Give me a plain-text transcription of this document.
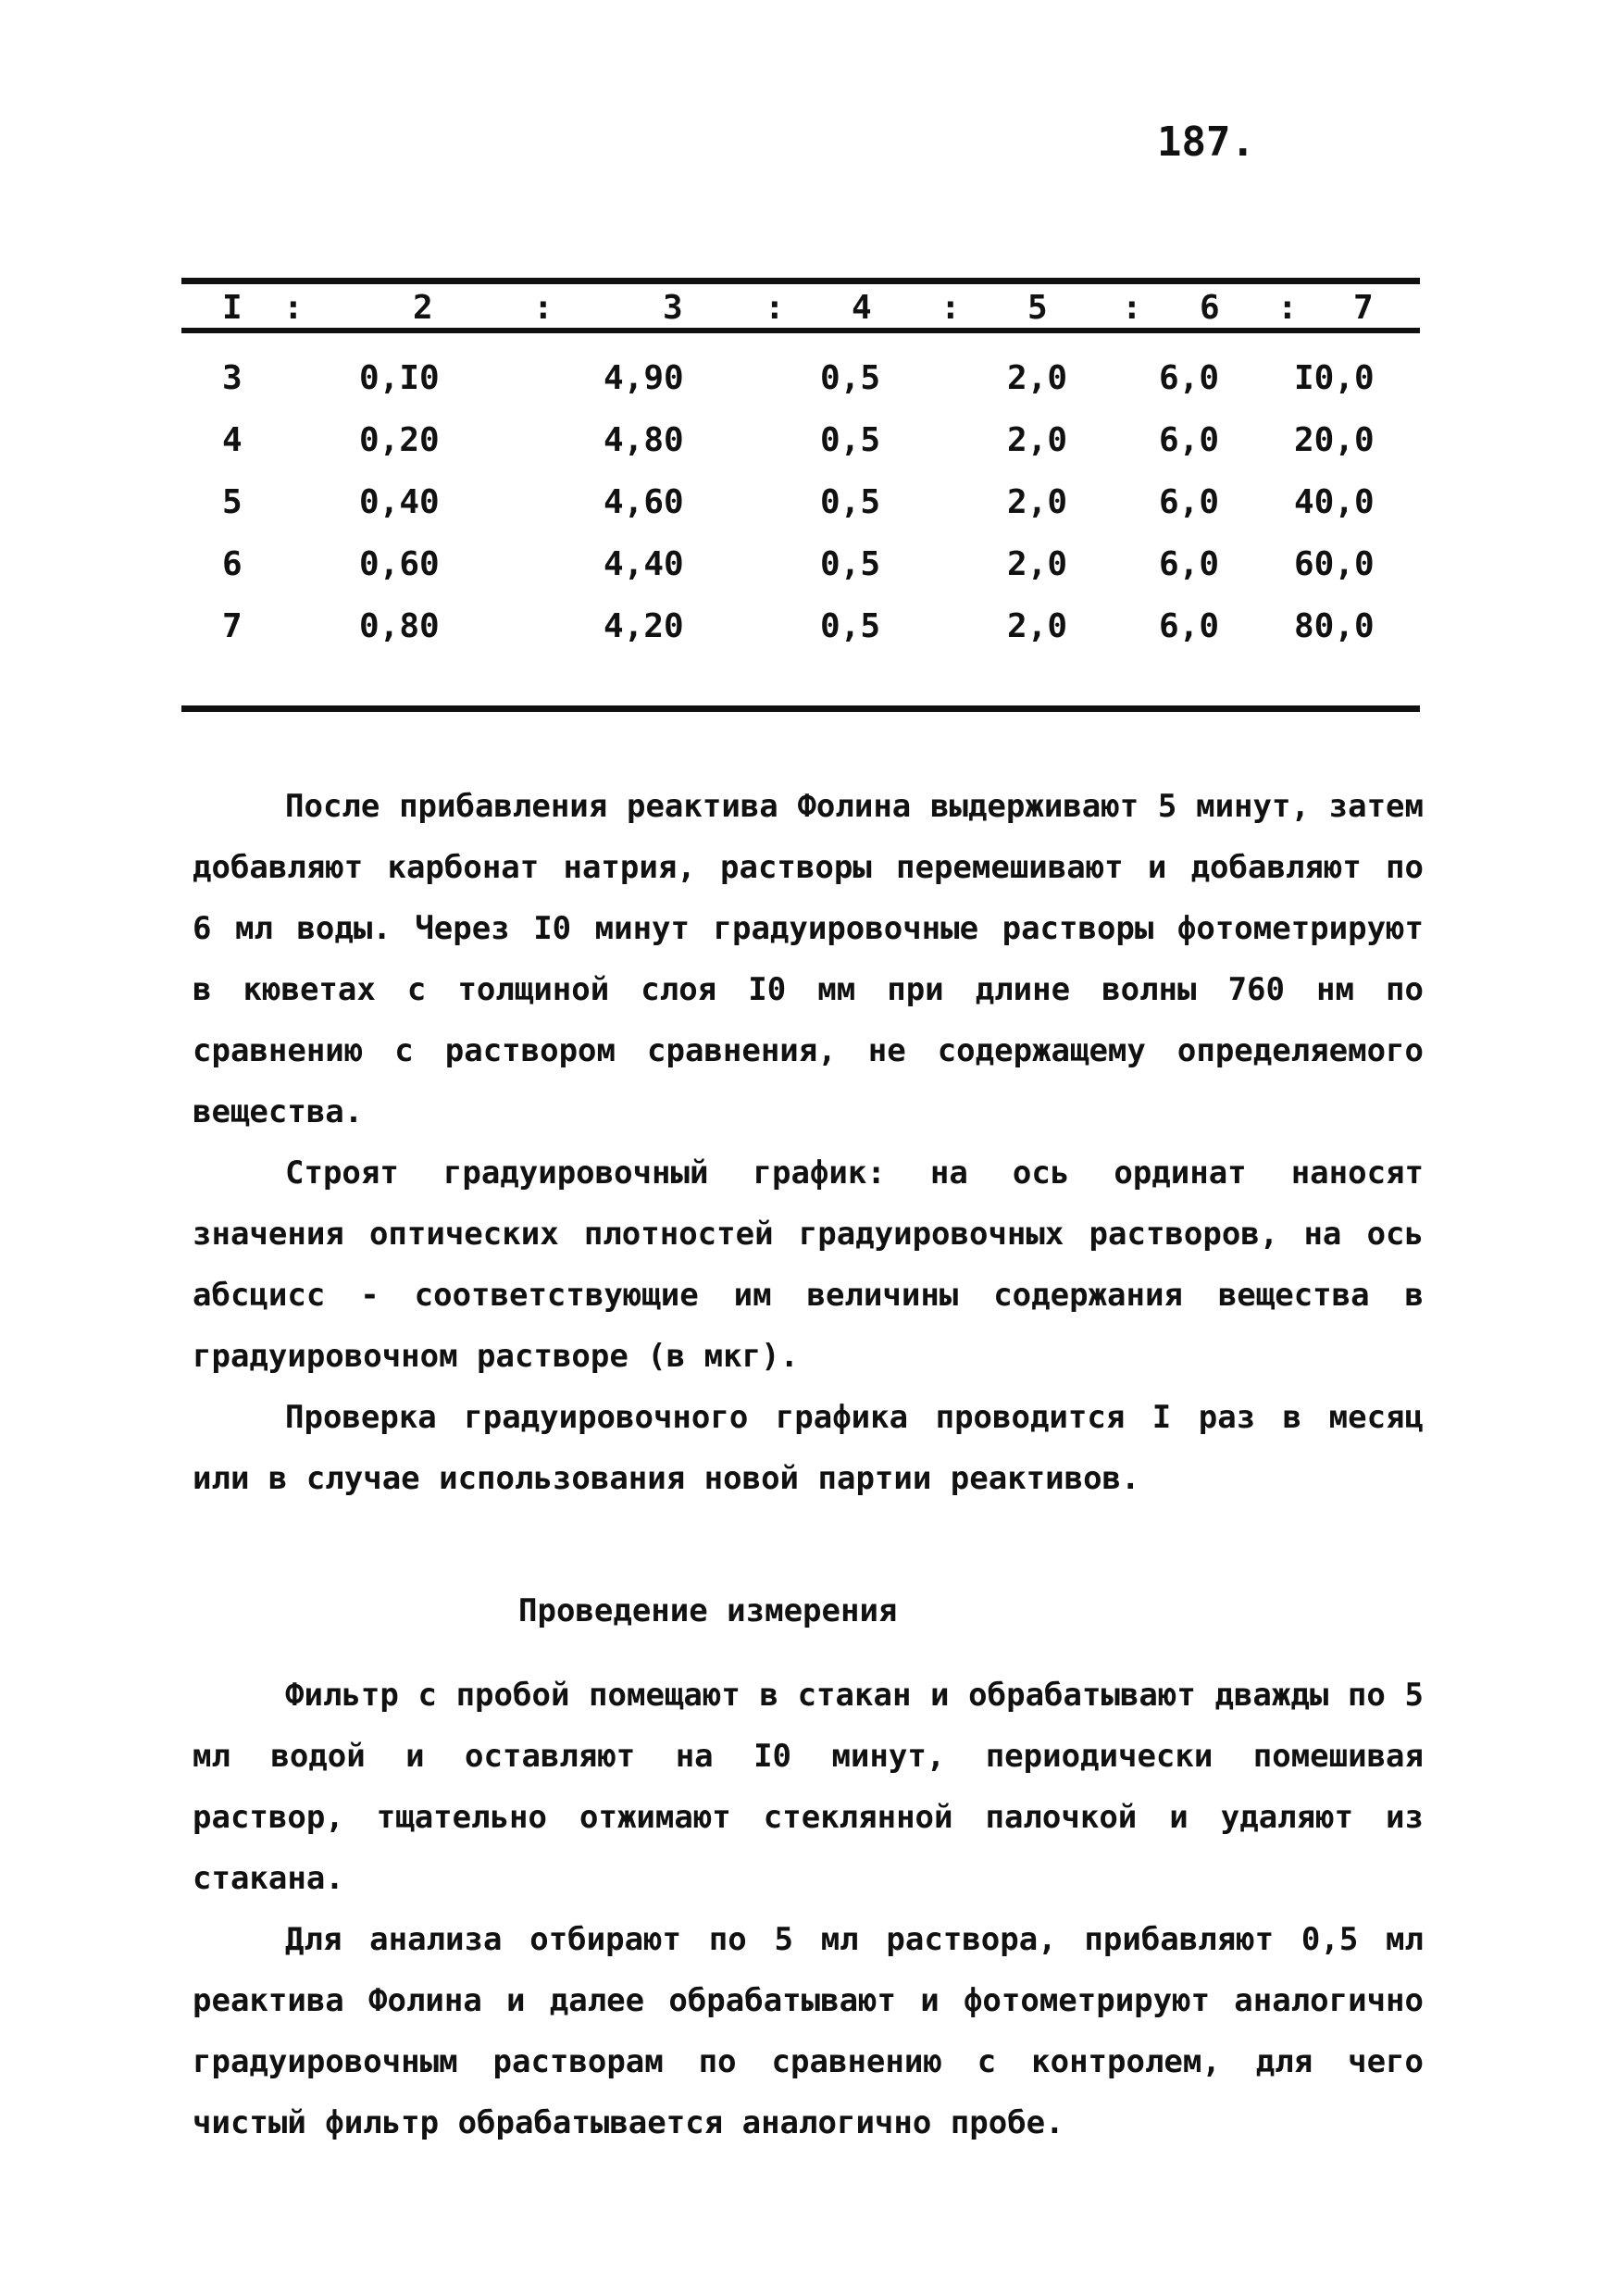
187.
I :	2	:	3 : 4 : 5 : 6 : 7
3	0,I0	4,90	0,5	2,0	6,0 I0,0
4	0,20	4,80	0,5	2,0	6,0 20,0
5	0,40	4,60	0,5	2,0	6,0 40,0
6	0,60	4,40	0,5	2,0	6,0 60,0
7	0,80	4,20	0,5	2,0	6,0 80,0

После прибавления реактива Фолина выдерживают 5 минут, затем добавляют карбонат натрия, растворы перемешивают и добавляют по 6 мл воды. Через I0 минут градуировочные растворы фотометрируют в кюветах с толщиной слоя I0 мм при длине волны 760 нм по сравнению с раствором сравнения, не содержащему определяемого вещества.

Строят градуировочный график: на ось ординат наносят значения оптических плотностей градуировочных растворов, на ось абсцисс - соответствующие им величины содержания вещества в градуировочном растворе (в мкг).

Проверка градуировочного графика проводится I раз в месяц или в случае использования новой партии реактивов.

Проведение измерения

Фильтр с пробой помещают в стакан и обрабатывают дважды по 5 мл водой и оставляют на I0 минут, периодически помешивая раствор, тщательно отжимают стеклянной палочкой и удаляют из стакана.

Для анализа отбирают по 5 мл раствора, прибавляют 0,5 мл реактива Фолина и далее обрабатывают и фотометрируют аналогично градуировочным растворам по сравнению с контролем, для чего чистый фильтр обрабатывается аналогично пробе.
